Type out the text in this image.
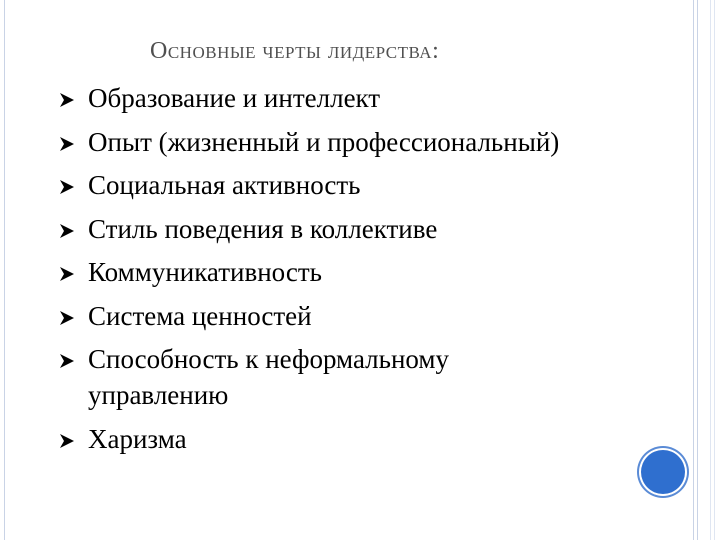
Основные черты лидерства:
Образование и интеллект
Опыт (жизненный и профессиональный)
Социальная активность
Стиль поведения в коллективе
Коммуникативность
Система ценностей
Способность к неформальному управлению
Харизма
